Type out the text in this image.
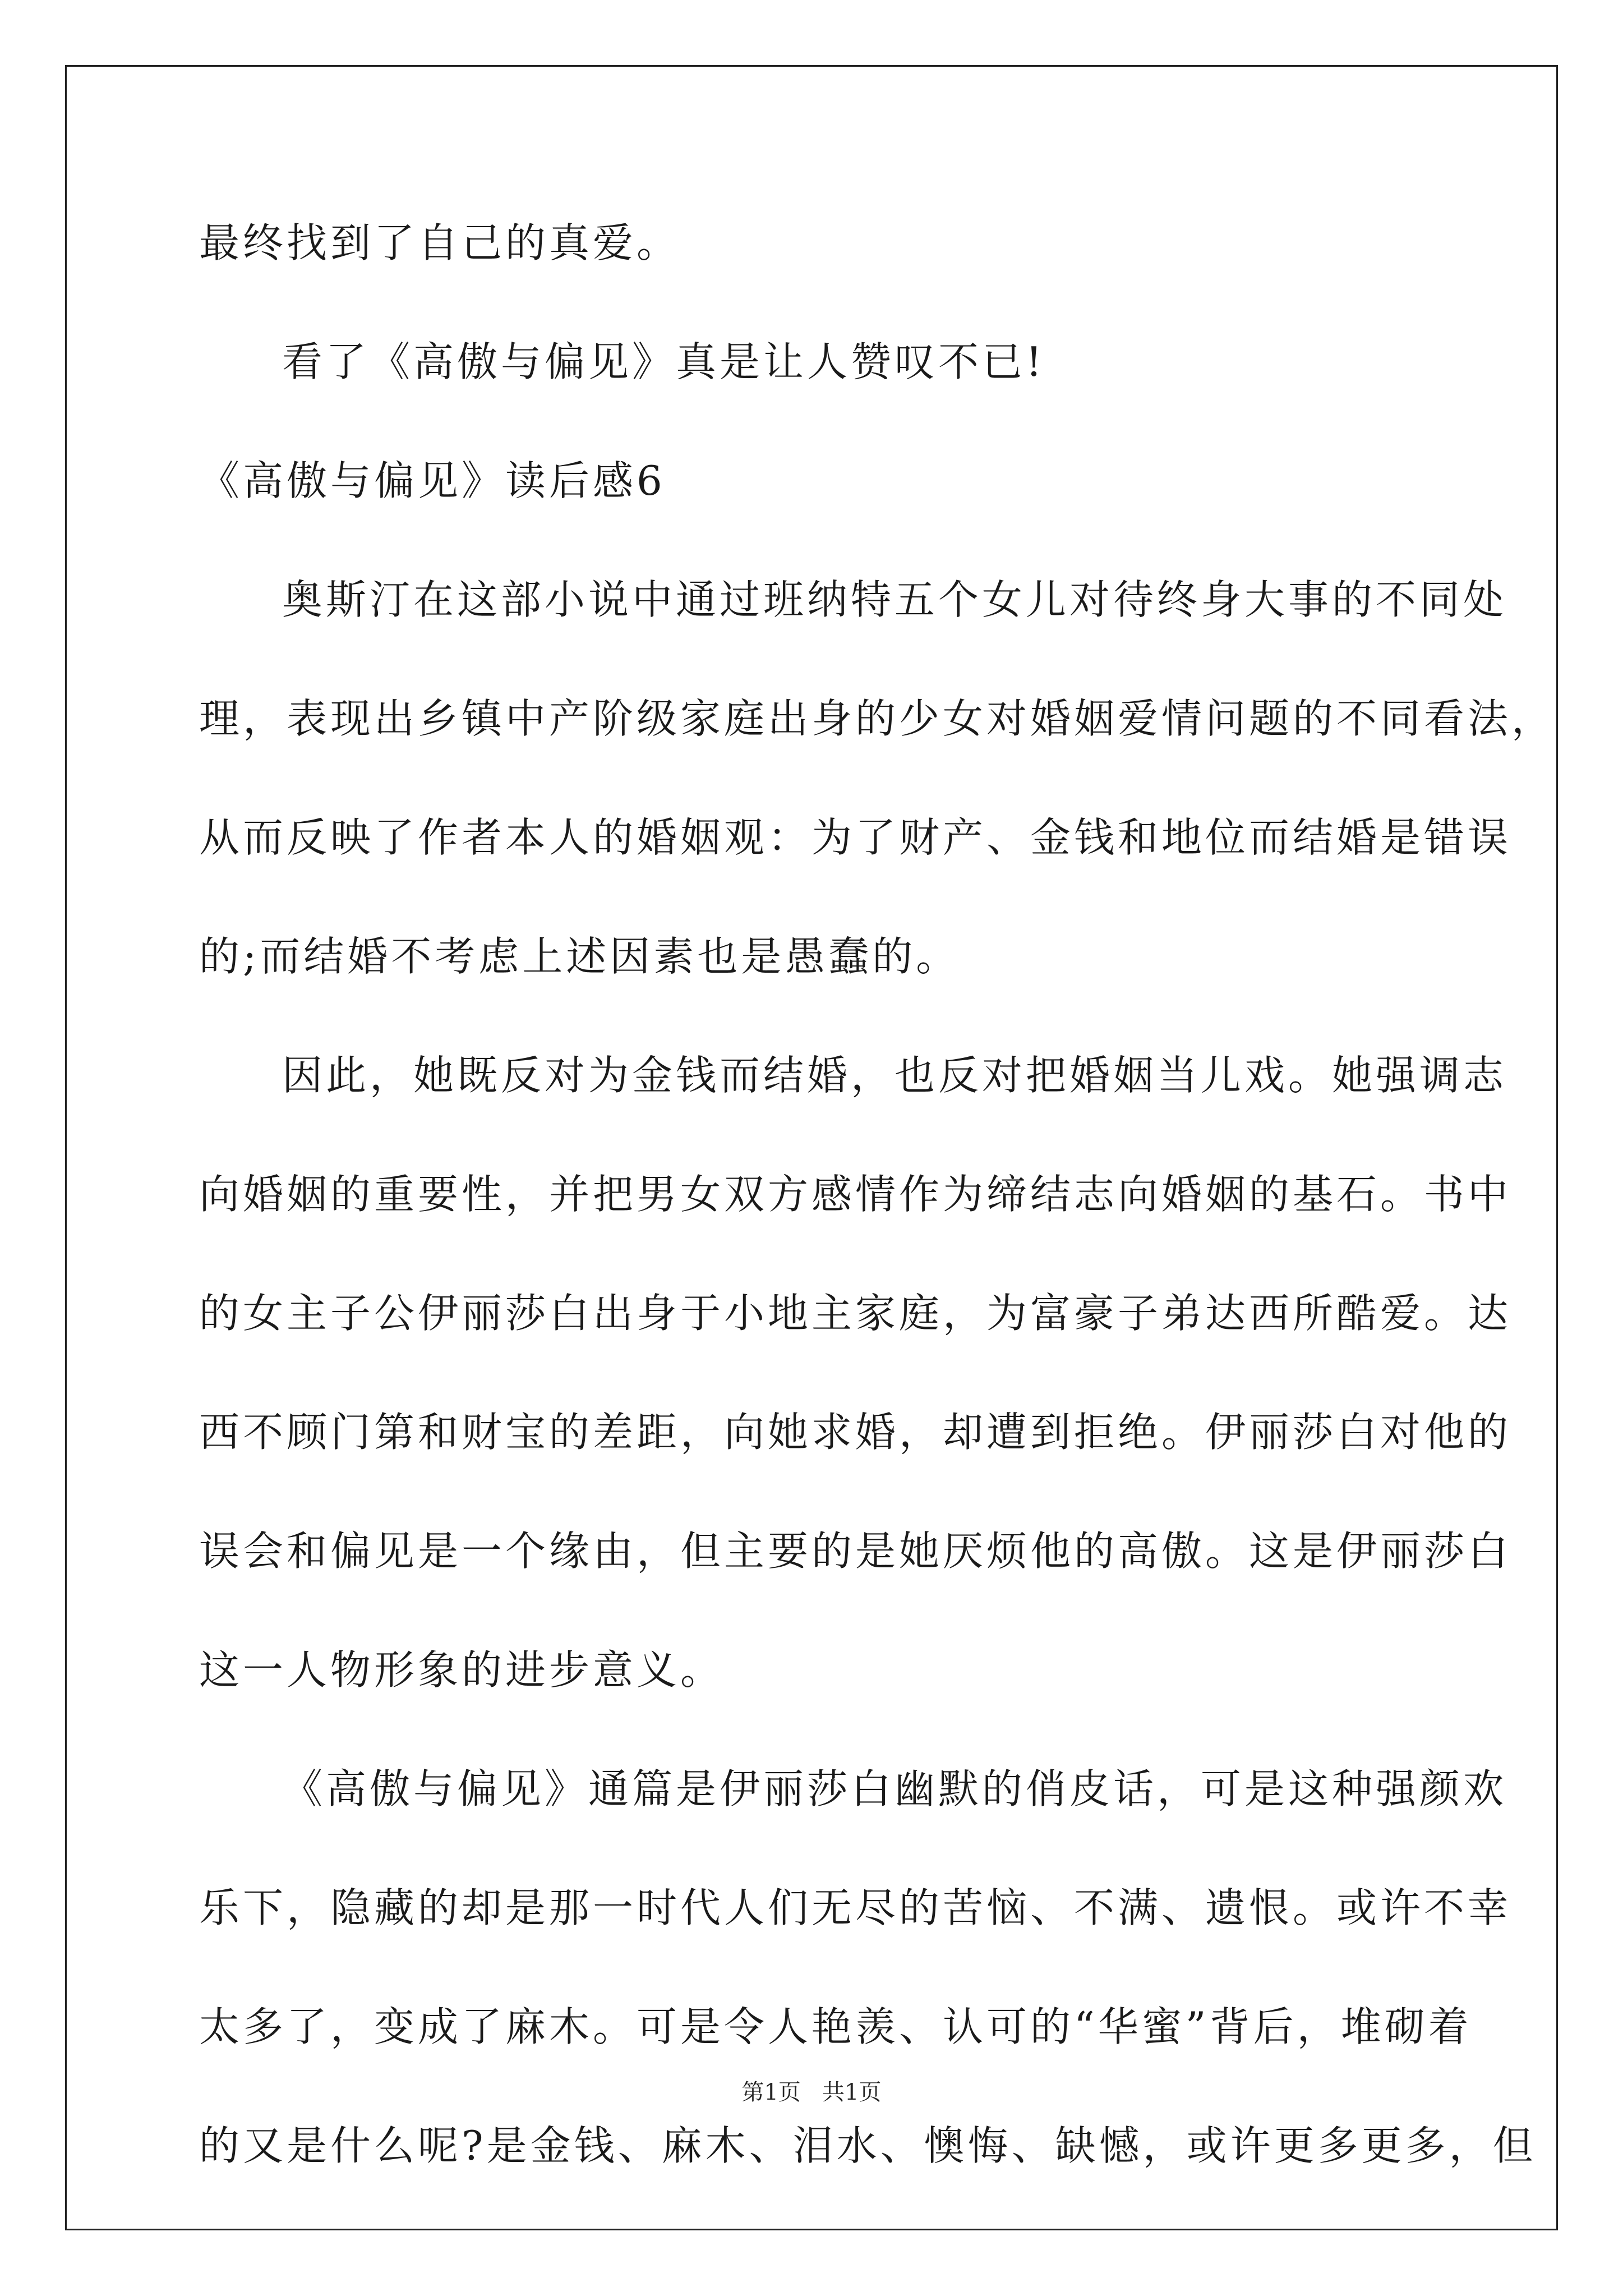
最终找到了自己的真爱。
看了《高傲与偏见》真是让人赞叹不已!
《高傲与偏见》读后感6
奥斯汀在这部小说中通过班纳特五个女儿对待终身大事的不同处
理，表现出乡镇中产阶级家庭出身的少女对婚姻爱情问题的不同看法，
从而反映了作者本人的婚姻观：为了财产、金钱和地位而结婚是错误
的;而结婚不考虑上述因素也是愚蠢的。
因此，她既反对为金钱而结婚，也反对把婚姻当儿戏。她强调志
向婚姻的重要性，并把男女双方感情作为缔结志向婚姻的基石。书中
的女主子公伊丽莎白出身于小地主家庭，为富豪子弟达西所酷爱。达
西不顾门第和财宝的差距，向她求婚，却遭到拒绝。伊丽莎白对他的
误会和偏见是一个缘由，但主要的是她厌烦他的高傲。这是伊丽莎白
这一人物形象的进步意义。
《高傲与偏见》通篇是伊丽莎白幽默的俏皮话，可是这种强颜欢
乐下，隐藏的却是那一时代人们无尽的苦恼、不满、遗恨。或许不幸
太多了，变成了麻木。可是令人艳羡、认可的“华蜜”背后，堆砌着
的又是什么呢?是金钱、麻木、泪水、懊悔、缺憾，或许更多更多，但
第1页   共1页
